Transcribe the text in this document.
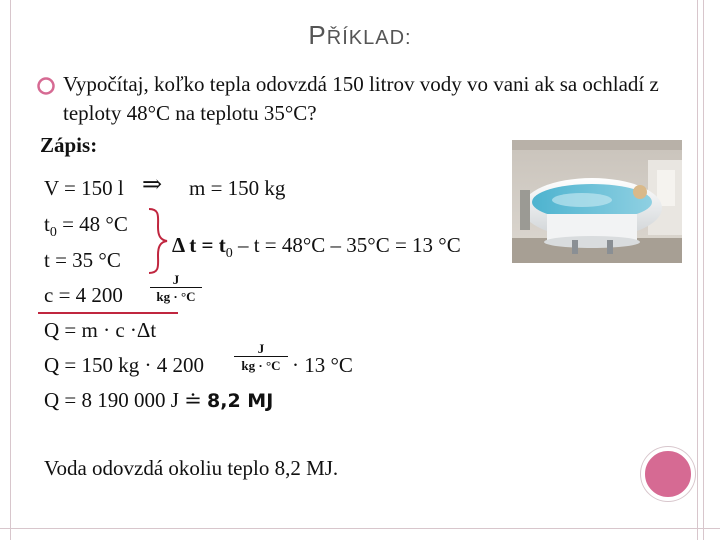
PŘÍKLAD:
Vypočítaj, koľko tepla odovzdá 150 litrov vody vo vani ak sa ochladí z teploty 48°C na teplotu 35°C?
Zápis:
V = 150 l ⇒ m = 150 kg
$t_0 = 48$ °C
Δ $t = t_0 - t = 48^\circ C - 35^\circ C = 13$ °C
t = 35 °C
c = 4 $200 \frac{J}{kg \cdot ^\circ C}$
Q = m · c ·Δt
Q = 150 kg · 4 $200 \frac{J}{kg \cdot ^\circ C} \cdot 13$ °C
Q = 8 190 000 J ≐ 8,2 MJ
Voda odovzdá okoliu teplo 8,2 MJ.
